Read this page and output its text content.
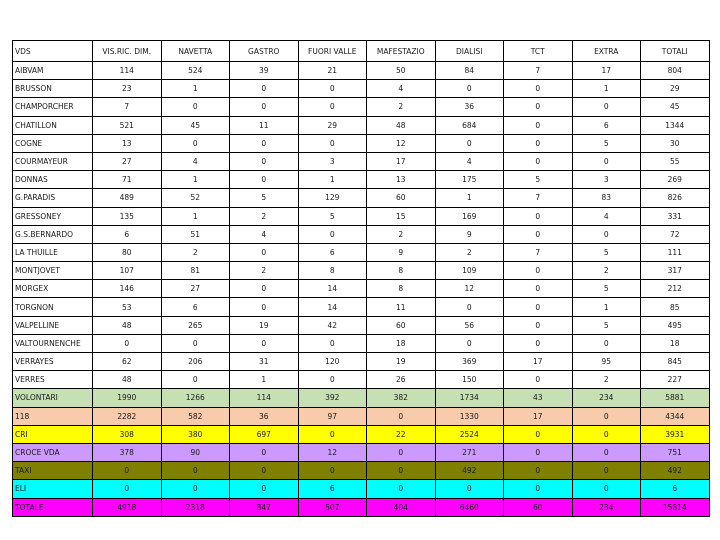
VDS	VIS.RIC. DIM.	NAVETTA	GASTRO	FUORI VALLE	MAFESTAZIO	DIALISI	TCT	EXTRA	TOTALI
AIBVAM	114	524	39	21	50	84	7	17	804
BRUSSON	23	1	0	0	4	0	0	1	29
CHAMPORCHER	7	0	0	0	2	36	0	0	45
CHATILLON	521	45	11	29	48	684	0	6	1344
COGNE	13	0	0	0	12	0	0	5	30
COURMAYEUR	27	4	0	3	17	4	0	0	55
DONNAS	71	1	0	1	13	175	5	3	269
G.PARADIS	489	52	5	129	60	1	7	83	826
GRESSONEY	135	1	2	5	15	169	0	4	331
G.S.BERNARDO	6	51	4	0	2	9	0	0	72
LA THUILLE	80	2	0	6	9	2	7	5	111
MONTJOVET	107	81	2	8	8	109	0	2	317
MORGEX	146	27	0	14	8	12	0	5	212
TORGNON	53	6	0	14	11	0	0	1	85
VALPELLINE	48	265	19	42	60	56	0	5	495
VALTOURNENCHE	0	0	0	0	18	0	0	0	18
VERRAYES	62	206	31	120	19	369	17	95	845
VERRES	48	0	1	0	26	150	0	2	227
VOLONTARI	1990	1266	114	392	382	1734	43	234	5881
118	2282	582	36	97	0	1330	17	0	4344
CRI	308	380	697	0	22	2524	0	0	3931
CROCE VDA	378	90	0	12	0	271	0	0	751
TAXI	0	0	0	0	0	492	0	0	492
ELI	0	0	0	6	0	0	0	0	6
TOTALE	4918	2318	847	507	404	6460	60	234	15814
